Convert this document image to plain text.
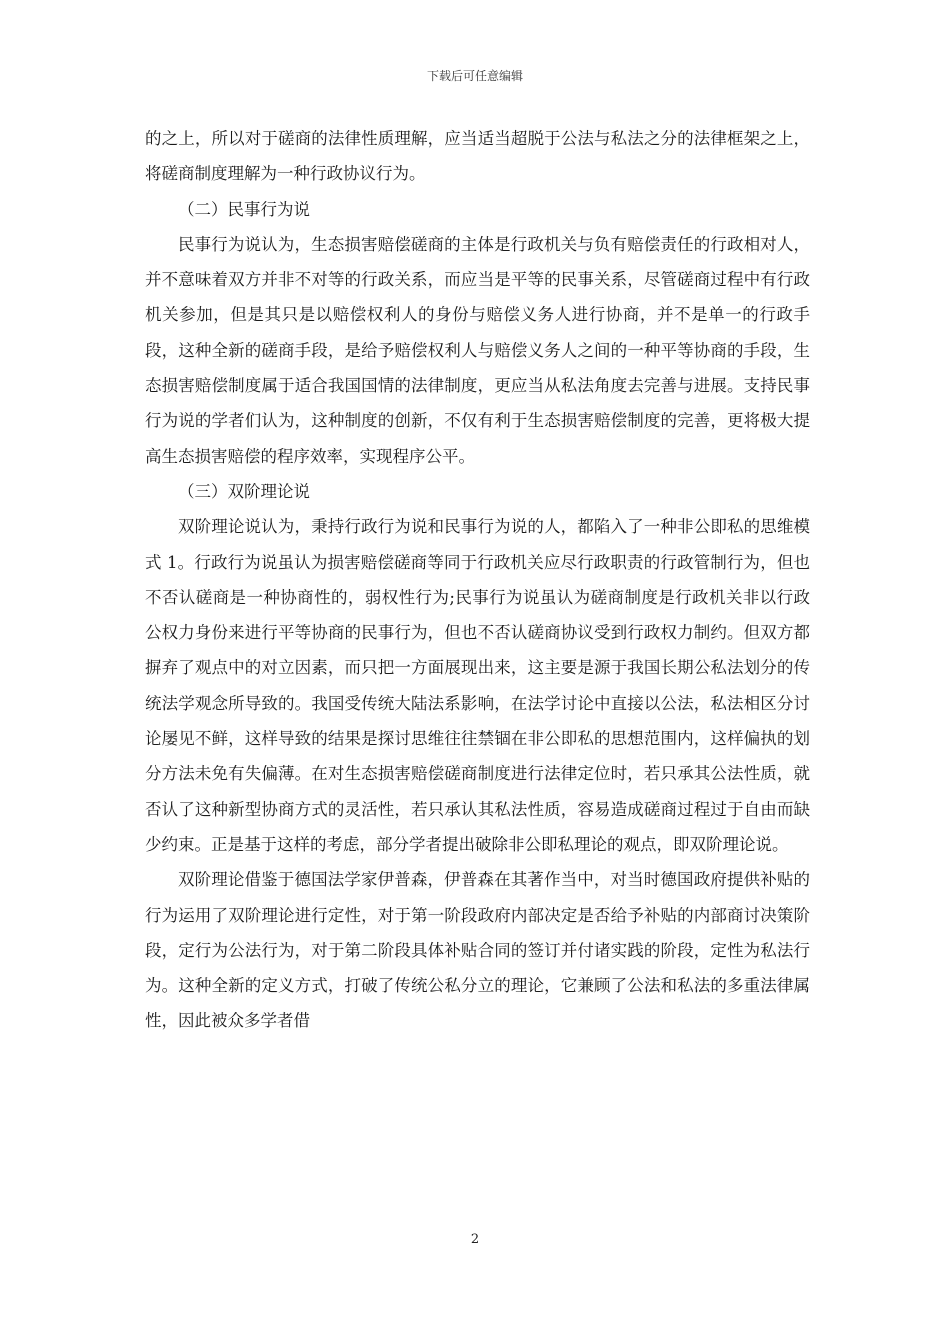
下载后可任意编辑

的之上，所以对于磋商的法律性质理解，应当适当超脱于公法与私法之分的法律框架之上，将磋商制度理解为一种行政协议行为。

（二）民事行为说

民事行为说认为，生态损害赔偿磋商的主体是行政机关与负有赔偿责任的行政相对人，并不意味着双方并非不对等的行政关系，而应当是平等的民事关系，尽管磋商过程中有行政机关参加，但是其只是以赔偿权利人的身份与赔偿义务人进行协商，并不是单一的行政手段，这种全新的磋商手段，是给予赔偿权利人与赔偿义务人之间的一种平等协商的手段，生态损害赔偿制度属于适合我国国情的法律制度，更应当从私法角度去完善与进展。支持民事行为说的学者们认为，这种制度的创新，不仅有利于生态损害赔偿制度的完善，更将极大提高生态损害赔偿的程序效率，实现程序公平。

（三）双阶理论说

双阶理论说认为，秉持行政行为说和民事行为说的人，都陷入了一种非公即私的思维模式 1。行政行为说虽认为损害赔偿磋商等同于行政机关应尽行政职责的行政管制行为，但也不否认磋商是一种协商性的，弱权性行为;民事行为说虽认为磋商制度是行政机关非以行政公权力身份来进行平等协商的民事行为，但也不否认磋商协议受到行政权力制约。但双方都摒弃了观点中的对立因素，而只把一方面展现出来，这主要是源于我国长期公私法划分的传统法学观念所导致的。我国受传统大陆法系影响，在法学讨论中直接以公法，私法相区分讨论屡见不鲜，这样导致的结果是探讨思维往往禁锢在非公即私的思想范围内，这样偏执的划分方法未免有失偏薄。在对生态损害赔偿磋商制度进行法律定位时，若只承其公法性质，就否认了这种新型协商方式的灵活性，若只承认其私法性质，容易造成磋商过程过于自由而缺少约束。正是基于这样的考虑，部分学者提出破除非公即私理论的观点，即双阶理论说。

双阶理论借鉴于德国法学家伊普森，伊普森在其著作当中，对当时德国政府提供补贴的行为运用了双阶理论进行定性，对于第一阶段政府内部决定是否给予补贴的内部商讨决策阶段，定行为公法行为，对于第二阶段具体补贴合同的签订并付诸实践的阶段，定性为私法行为。这种全新的定义方式，打破了传统公私分立的理论，它兼顾了公法和私法的多重法律属性，因此被众多学者借

2
